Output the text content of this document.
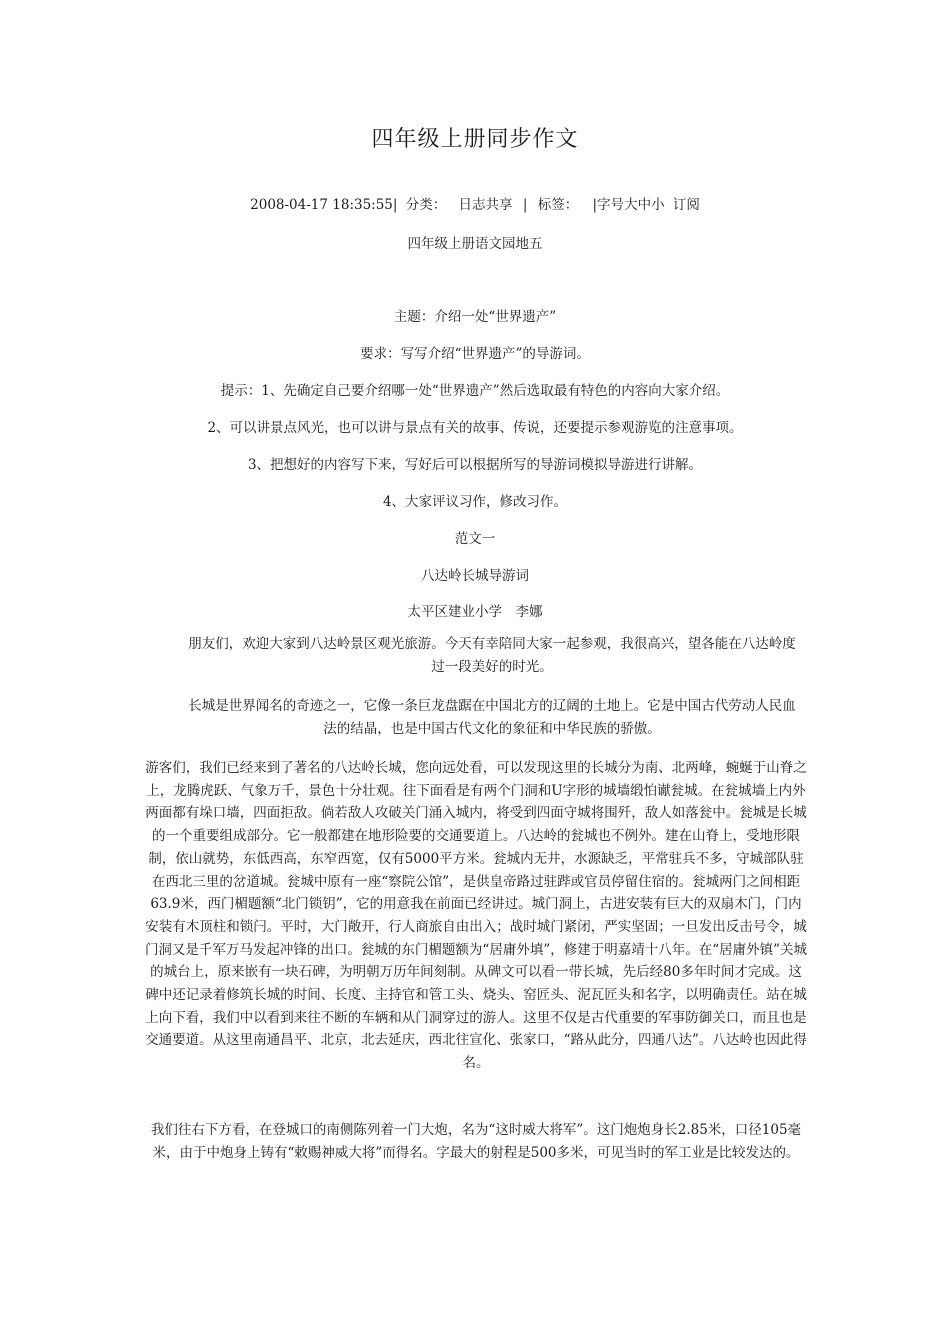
四年级上册同步作文
2008-04-17 18:35:55| 分类： 日志共享 | 标签： |字号大中小 订阅
四年级上册语文园地五
主题：介绍一处“世界遗产”
要求：写写介绍“世界遗产”的导游词。
提示：1、先确定自己要介绍哪一处“世界遗产”然后选取最有特色的内容向大家介绍。
2、可以讲景点风光，也可以讲与景点有关的故事、传说，还要提示参观游览的注意事项。
3、把想好的内容写下来，写好后可以根据所写的导游词模拟导游进行讲解。
4、大家评议习作，修改习作。
范文一
八达岭长城导游词
太平区建业小学　李娜
朋友们，欢迎大家到八达岭景区观光旅游。今天有幸陪同大家一起参观，我很高兴，望各能在八达岭度过一段美好的时光。
长城是世界闻名的奇迹之一，它像一条巨龙盘踞在中国北方的辽阔的土地上。它是中国古代劳动人民血法的结晶，也是中国古代文化的象征和中华民族的骄傲。
游客们，我们已经来到了著名的八达岭长城，您向远处看，可以发现这里的长城分为南、北两峰，蜿蜒于山脊之上，龙腾虎跃、气象万千，景色十分壮观。往下面看是有两个门洞和U字形的城墙缎怕谳瓮城。在瓮城墙上内外两面都有垛口墙，四面拒敌。倘若敌人攻破关门涌入城内，将受到四面守城将围歼，敌人如落瓮中。瓮城是长城的一个重要组成部分。它一般都建在地形险要的交通要道上。八达岭的瓮城也不例外。建在山脊上，受地形限制，依山就势，东低西高，东窄西宽，仅有5000平方米。瓮城内无井，水源缺乏，平常驻兵不多，守城部队驻在西北三里的岔道城。瓮城中原有一座“察院公馆”，是供皇帝路过驻跸或官员停留住宿的。瓮城两门之间相距63.9米，西门楣题额“北门锁钥”，它的用意我在前面已经讲过。城门洞上，古进安装有巨大的双扇木门，门内安装有木顶柱和锁闩。平时，大门敞开，行人商旅自由出入；战时城门紧闭，严实坚固；一旦发出反击号令，城门洞又是千军万马发起冲锋的出口。瓮城的东门楣题额为“居庸外填”，修建于明嘉靖十八年。在“居庸外镇”关城的城台上，原来嵌有一块石碑，为明朝万历年间刻制。从碑文可以看一带长城，先后经80多年时间才完成。这碑中还记录着修筑长城的时间、长度、主持官和管工头、烧头、窑匠头、泥瓦匠头和名字，以明确责任。站在城上向下看，我们中以看到来往不断的车辆和从门洞穿过的游人。这里不仅是古代重要的军事防御关口，而且也是交通要道。从这里南通昌平、北京，北去延庆，西北往宣化、张家口，“路从此分，四通八达”。八达岭也因此得名。
我们往右下方看，在登城口的南侧陈列着一门大炮，名为“这时威大将军”。这门炮炮身长2.85米，口径105毫米，由于中炮身上铸有“敕赐神威大将”而得名。字最大的射程是500多米，可见当时的军工业是比较发达的。
